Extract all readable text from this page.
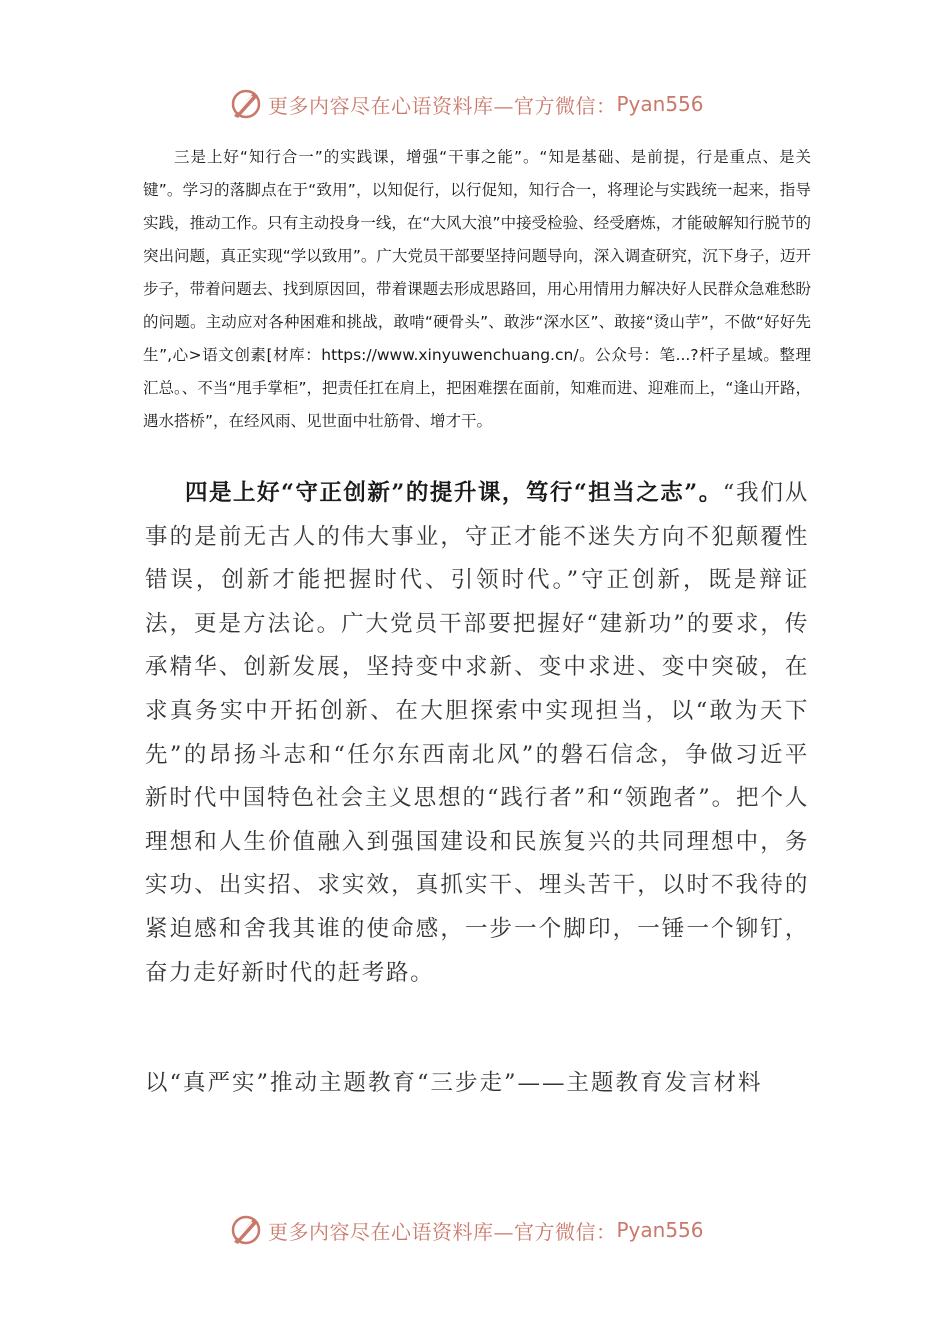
更多内容尽在心语资料库—官方微信： Pyan556

三是上好“知行合一”的实践课，增强“干事之能”。“知是基础、是前提，行是重点、是关键”。学习的落脚点在于“致用”，以知促行，以行促知，知行合一，将理论与实践统一起来，指导实践，推动工作。只有主动投身一线，在“大风大浪”中接受检验、经受磨炼，才能破解知行脱节的突出问题，真正实现“学以致用”。广大党员干部要坚持问题导向，深入调查研究，沉下身子，迈开步子，带着问题去、找到原因回，带着课题去形成思路回，用心用情用力解决好人民群众急难愁盼的问题。主动应对各种困难和挑战，敢啃“硬骨头”、敢涉“深水区”、敢接“烫山芋”，不做“好好先生”,心>语文创素[材库：https://www.xinyuwenchuang.cn/。公众号：笔...?杆子星域。整理汇总。、不当“甩手掌柜”，把责任扛在肩上，把困难摆在面前，知难而进、迎难而上，“逢山开路，遇水搭桥”，在经风雨、见世面中壮筋骨、增才干。

四是上好“守正创新”的提升课，笃行“担当之志”。“我们从事的是前无古人的伟大事业，守正才能不迷失方向不犯颠覆性错误，创新才能把握时代、引领时代。”守正创新，既是辩证法，更是方法论。广大党员干部要把握好“建新功”的要求，传承精华、创新发展，坚持变中求新、变中求进、变中突破，在求真务实中开拓创新、在大胆探索中实现担当，以“敢为天下先”的昂扬斗志和“任尔东西南北风”的磐石信念，争做习近平新时代中国特色社会主义思想的“践行者”和“领跑者”。把个人理想和人生价值融入到强国建设和民族复兴的共同理想中，务实功、出实招、求实效，真抓实干、埋头苦干，以时不我待的紧迫感和舍我其谁的使命感，一步一个脚印，一锤一个铆钉，奋力走好新时代的赶考路。

以“真严实”推动主题教育“三步走”——主题教育发言材料

更多内容尽在心语资料库—官方微信： Pyan556
